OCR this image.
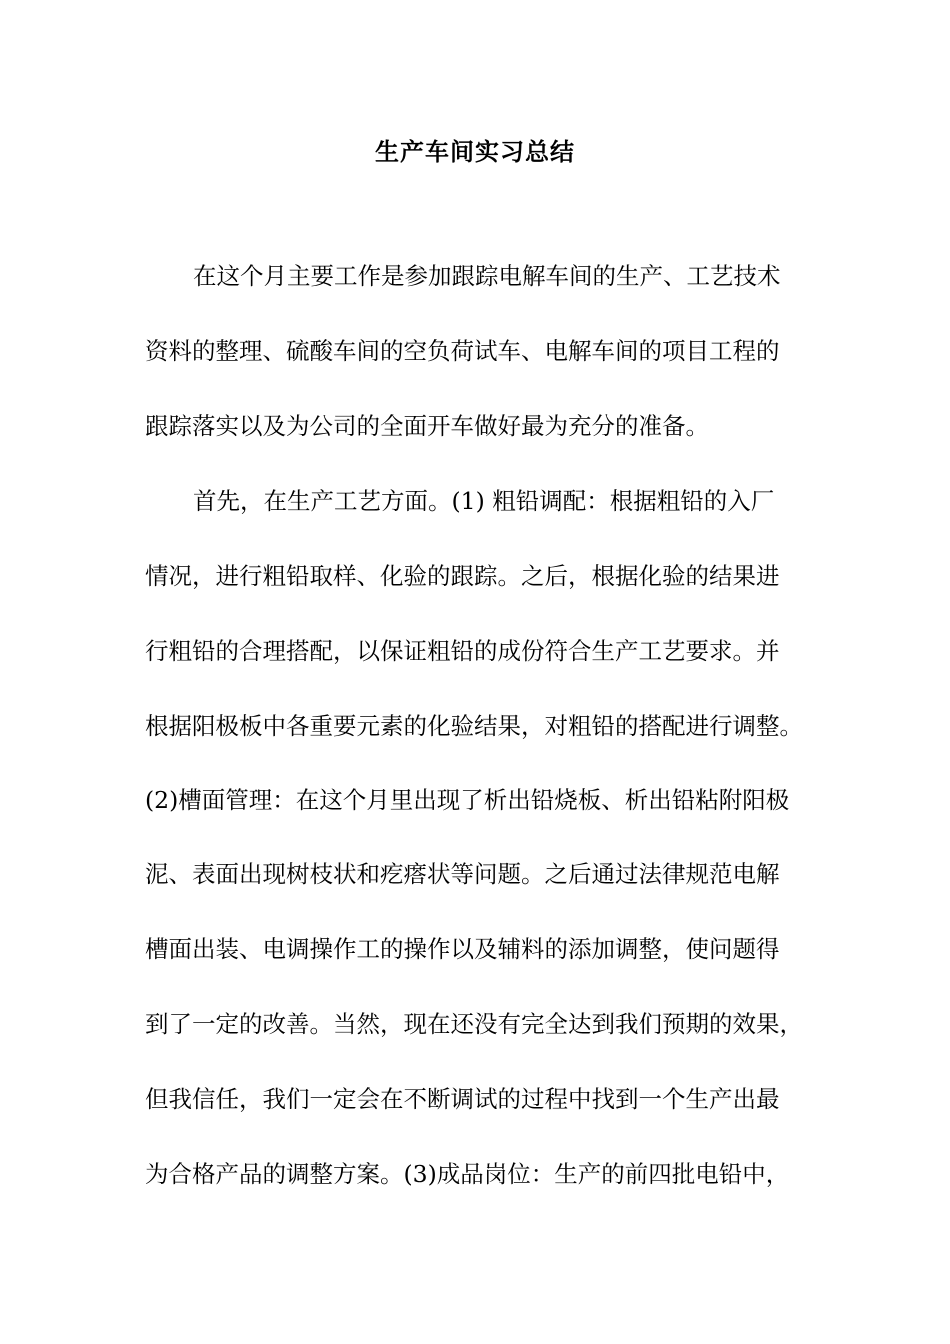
生产车间实习总结
在这个月主要工作是参加跟踪电解车间的生产、工艺技术
资料的整理、硫酸车间的空负荷试车、电解车间的项目工程的
跟踪落实以及为公司的全面开车做好最为充分的准备。
首先，在生产工艺方面。(1) 粗铅调配：根据粗铅的入厂
情况，进行粗铅取样、化验的跟踪。之后，根据化验的结果进
行粗铅的合理搭配，以保证粗铅的成份符合生产工艺要求。并
根据阳极板中各重要元素的化验结果，对粗铅的搭配进行调整。
(2)槽面管理：在这个月里出现了析出铅烧板、析出铅粘附阳极
泥、表面出现树枝状和疙瘩状等问题。之后通过法律规范电解
槽面出装、电调操作工的操作以及辅料的添加调整，使问题得
到了一定的改善。当然，现在还没有完全达到我们预期的效果，
但我信任，我们一定会在不断调试的过程中找到一个生产出最
为合格产品的调整方案。(3)成品岗位：生产的前四批电铅中，
